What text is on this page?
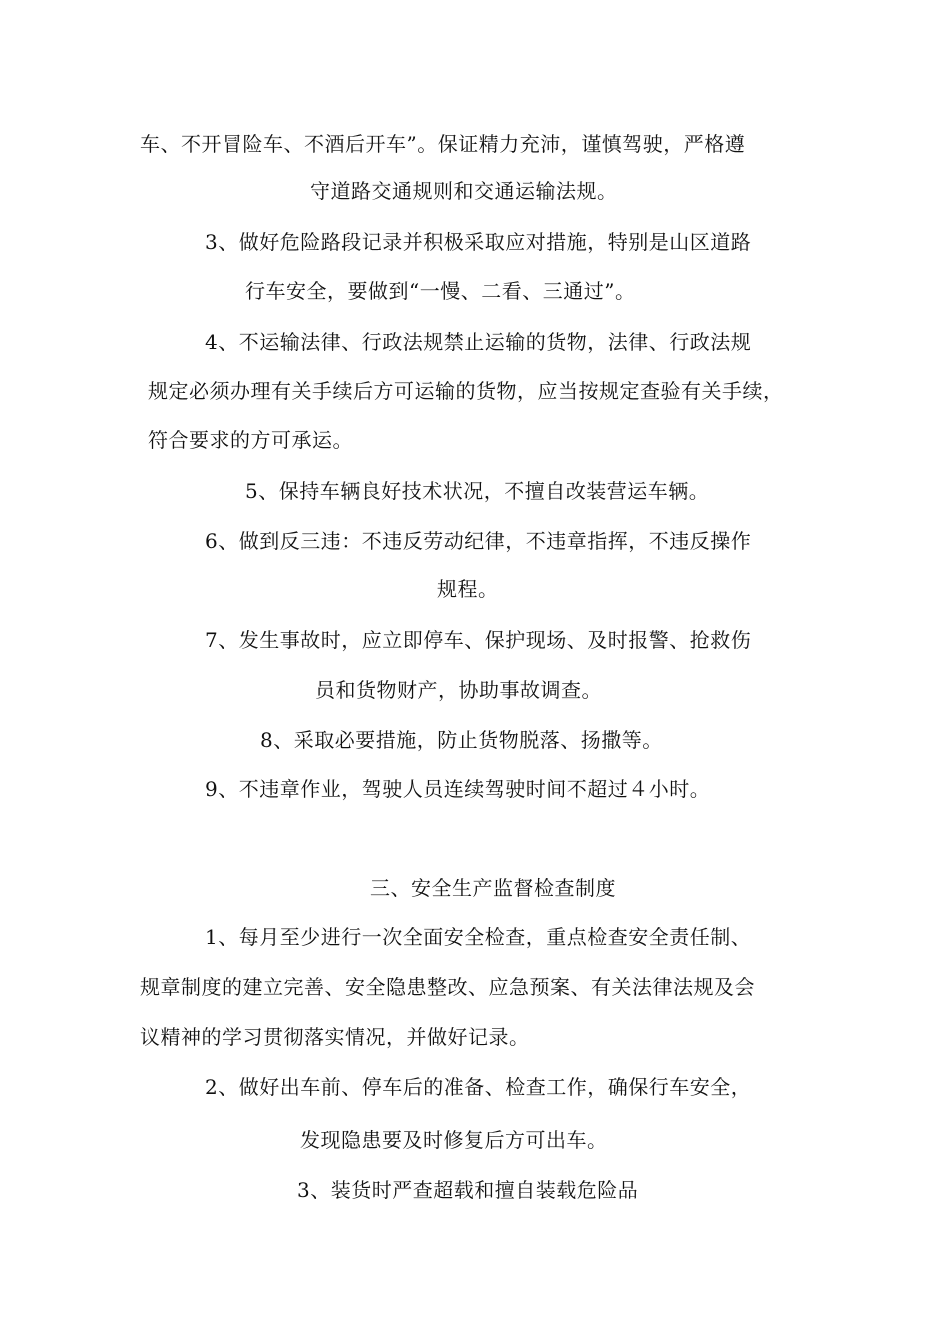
车、不开冒险车、不酒后开车”。保证精力充沛，谨慎驾驶，严格遵
守道路交通规则和交通运输法规。
3、做好危险路段记录并积极采取应对措施，特别是山区道路
行车安全，要做到“一慢、二看、三通过”。
4、不运输法律、行政法规禁止运输的货物，法律、行政法规
规定必须办理有关手续后方可运输的货物，应当按规定查验有关手续，
符合要求的方可承运。
5、保持车辆良好技术状况，不擅自改装营运车辆。
6、做到反三违：不违反劳动纪律，不违章指挥，不违反操作
规程。
7、发生事故时，应立即停车、保护现场、及时报警、抢救伤
员和货物财产，协助事故调查。
8、采取必要措施，防止货物脱落、扬撒等。
9、不违章作业，驾驶人员连续驾驶时间不超过４小时。
三、安全生产监督检查制度
1、每月至少进行一次全面安全检查，重点检查安全责任制、
规章制度的建立完善、安全隐患整改、应急预案、有关法律法规及会
议精神的学习贯彻落实情况，并做好记录。
2、做好出车前、停车后的准备、检查工作，确保行车安全，
发现隐患要及时修复后方可出车。
3、装货时严查超载和擅自装载危险品
